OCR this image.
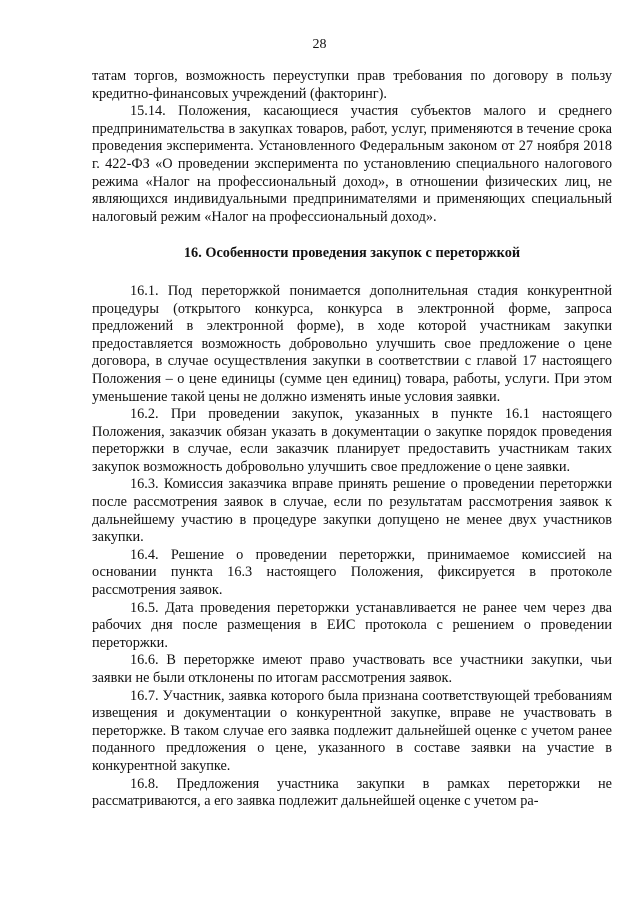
28

татам торгов, возможность переуступки прав требования по договору в пользу кредитно-финансовых учреждений (факторинг).

15.14. Положения, касающиеся участия субъектов малого и среднего предпринимательства в закупках товаров, работ, услуг, применяются в течение срока проведения эксперимента. Установленного Федеральным законом от 27 ноября 2018 г. 422-ФЗ «О проведении эксперимента по установлению специального налогового режима «Налог на профессиональный доход», в отношении физических лиц, не являющихся индивидуальными предпринимателями и применяющих специальный налоговый режим «Налог на профессиональный доход».

16. Особенности проведения закупок с переторжкой

16.1. Под переторжкой понимается дополнительная стадия конкурентной процедуры (открытого конкурса, конкурса в электронной форме, запроса предложений в электронной форме), в ходе которой участникам закупки предоставляется возможность добровольно улучшить свое предложение о цене договора, в случае осуществления закупки в соответствии с главой 17 настоящего Положения – о цене единицы (сумме цен единиц) товара, работы, услуги. При этом уменьшение такой цены не должно изменять иные условия заявки.

16.2. При проведении закупок, указанных в пункте 16.1 настоящего Положения, заказчик обязан указать в документации о закупке порядок проведения переторжки в случае, если заказчик планирует предоставить участникам таких закупок возможность добровольно улучшить свое предложение о цене заявки.

16.3. Комиссия заказчика вправе принять решение о проведении переторжки после рассмотрения заявок в случае, если по результатам рассмотрения заявок к дальнейшему участию в процедуре закупки допущено не менее двух участников закупки.

16.4. Решение о проведении переторжки, принимаемое комиссией на основании пункта 16.3 настоящего Положения, фиксируется в протоколе рассмотрения заявок.

16.5. Дата проведения переторжки устанавливается не ранее чем через два рабочих дня после размещения в ЕИС протокола с решением о проведении переторжки.

16.6. В переторжке имеют право участвовать все участники закупки, чьи заявки не были отклонены по итогам рассмотрения заявок.

16.7. Участник, заявка которого была признана соответствующей требованиям извещения и документации о конкурентной закупке, вправе не участвовать в переторжке. В таком случае его заявка подлежит дальнейшей оценке с учетом ранее поданного предложения о цене, указанного в составе заявки на участие в конкурентной закупке.

16.8. Предложения участника закупки в рамках переторжки не рассматриваются, а его заявка подлежит дальнейшей оценке с учетом ра-
